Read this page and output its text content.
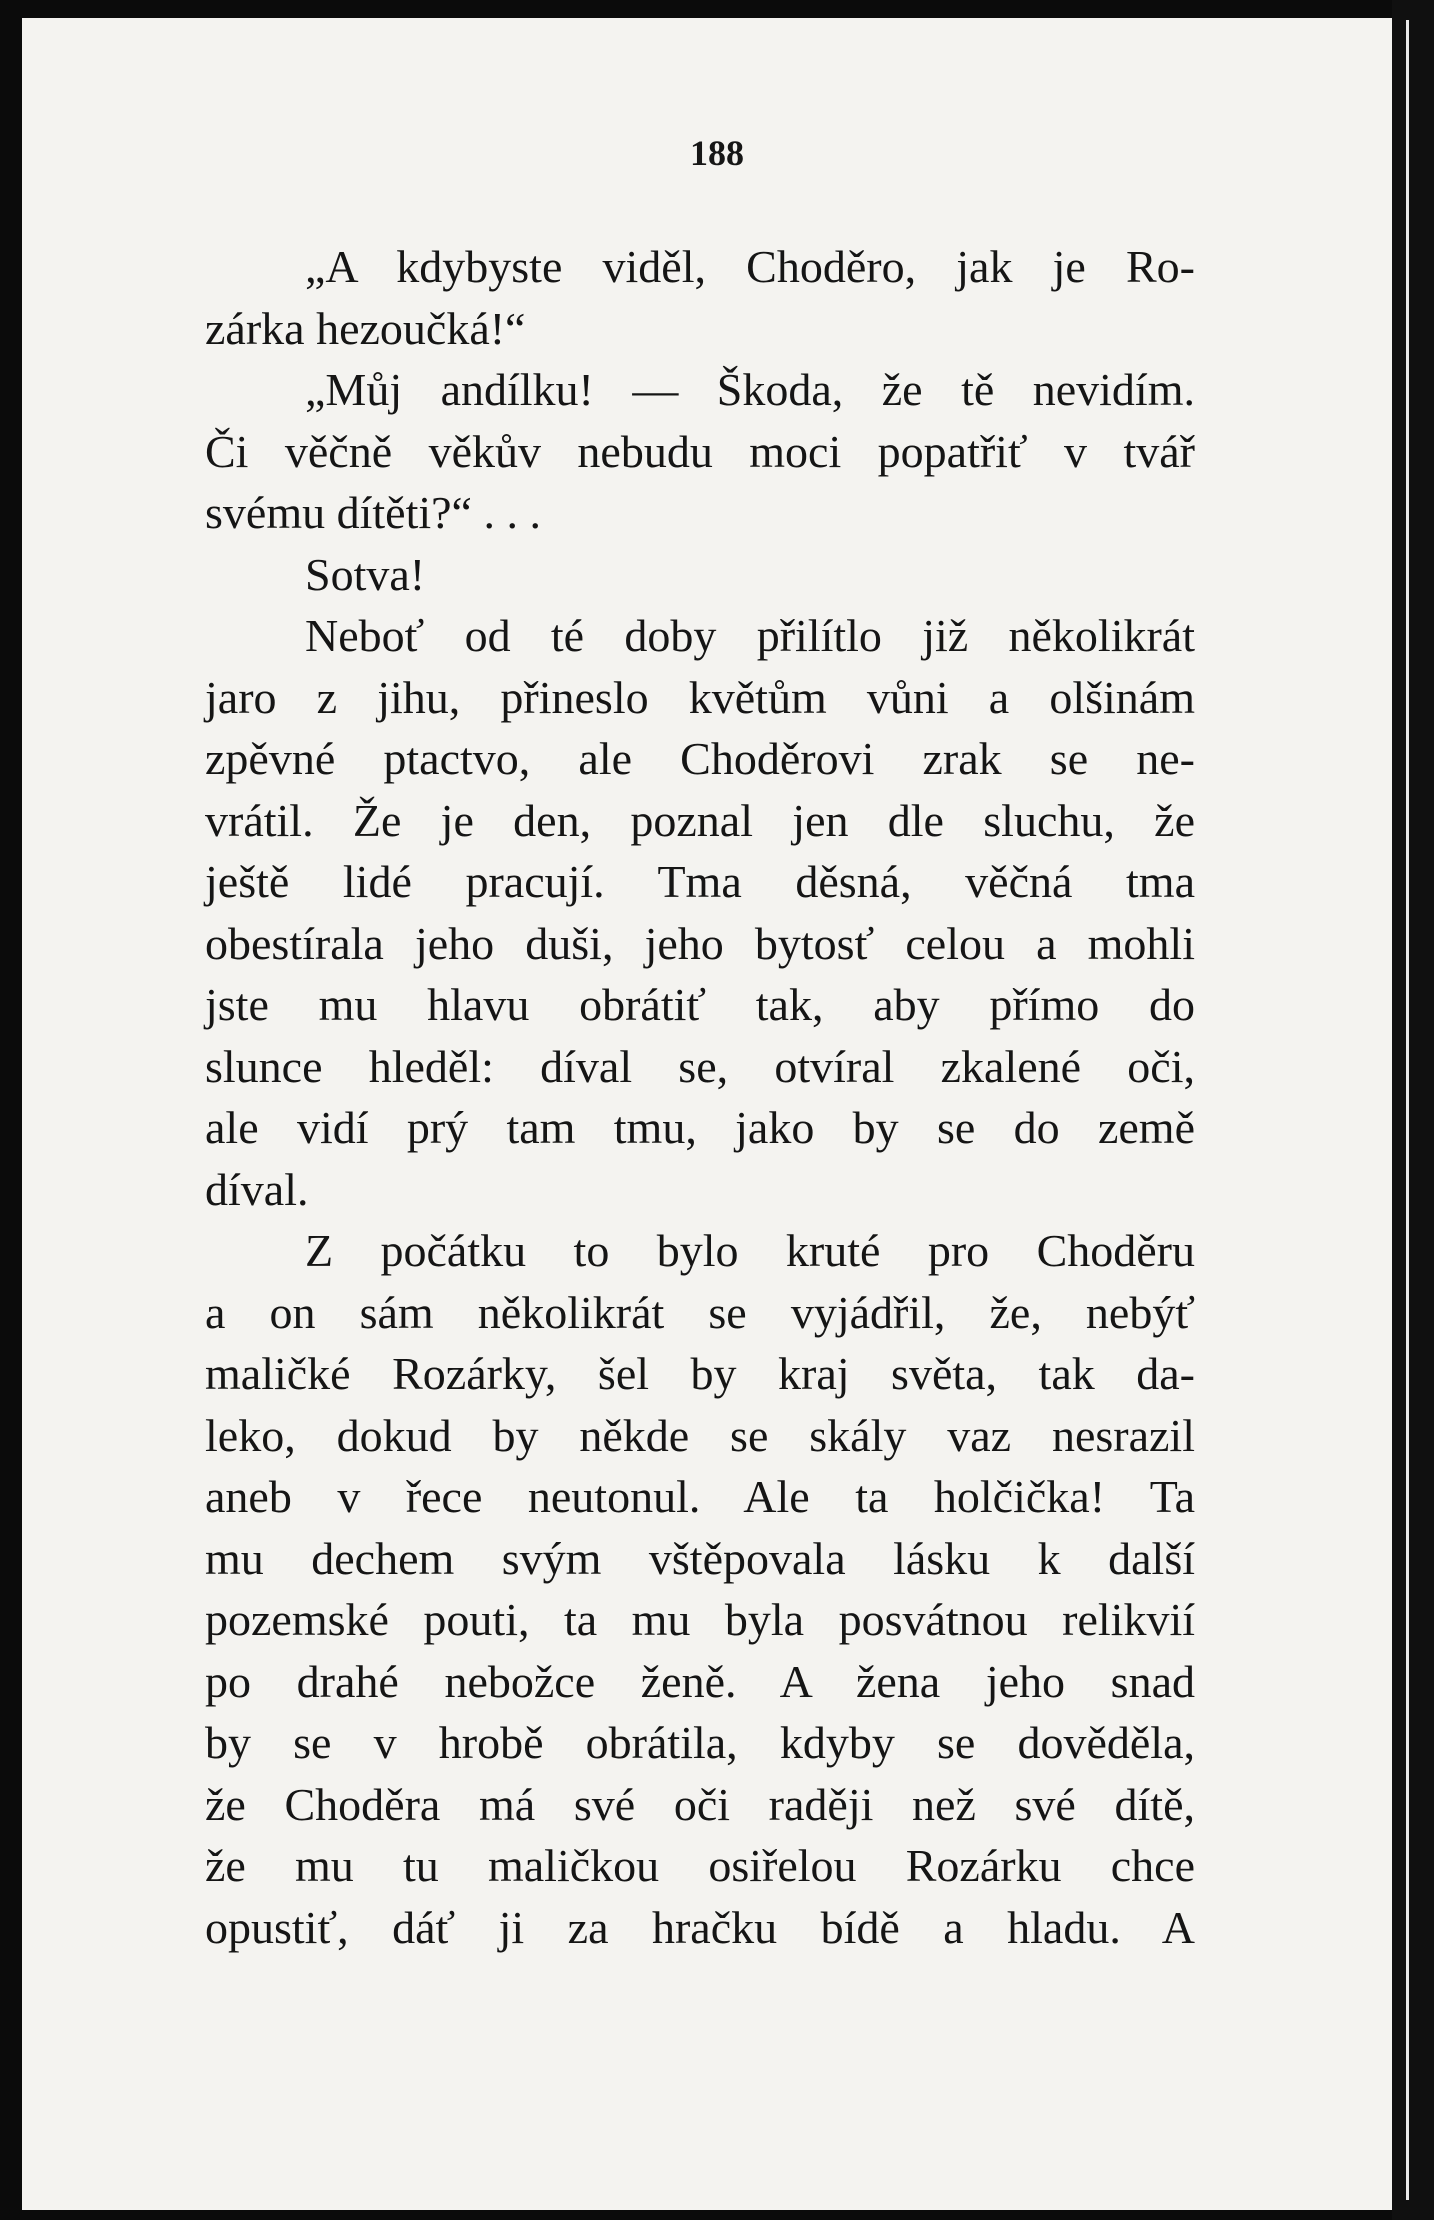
188
„A kdybyste viděl, Choděro, jak je Ro-
zárka hezoučká!“
„Můj andílku! — Škoda, že tě nevidím.
Či věčně věkův nebudu moci popatřiť v tvář
svému dítěti?“ . . .
Sotva!
Neboť od té doby přilítlo již několikrát
jaro z jihu, přineslo květům vůni a olšinám
zpěvné ptactvo, ale Choděrovi zrak se ne-
vrátil. Že je den, poznal jen dle sluchu, že
ještě lidé pracují. Tma děsná, věčná tma
obestírala jeho duši, jeho bytosť celou a mohli
jste mu hlavu obrátiť tak, aby přímo do
slunce hleděl: díval se, otvíral zkalené oči,
ale vidí prý tam tmu, jako by se do země
díval.
Z počátku to bylo kruté pro Choděru
a on sám několikrát se vyjádřil, že, nebýť
maličké Rozárky, šel by kraj světa, tak da-
leko, dokud by někde se skály vaz nesrazil
aneb v řece neutonul. Ale ta holčička! Ta
mu dechem svým vštěpovala lásku k další
pozemské pouti, ta mu byla posvátnou relikvií
po drahé nebožce ženě. A žena jeho snad
by se v hrobě obrátila, kdyby se dověděla,
že Choděra má své oči raději než své dítě,
že mu tu maličkou osiřelou Rozárku chce
opustiť, dáť ji za hračku bídě a hladu. A
